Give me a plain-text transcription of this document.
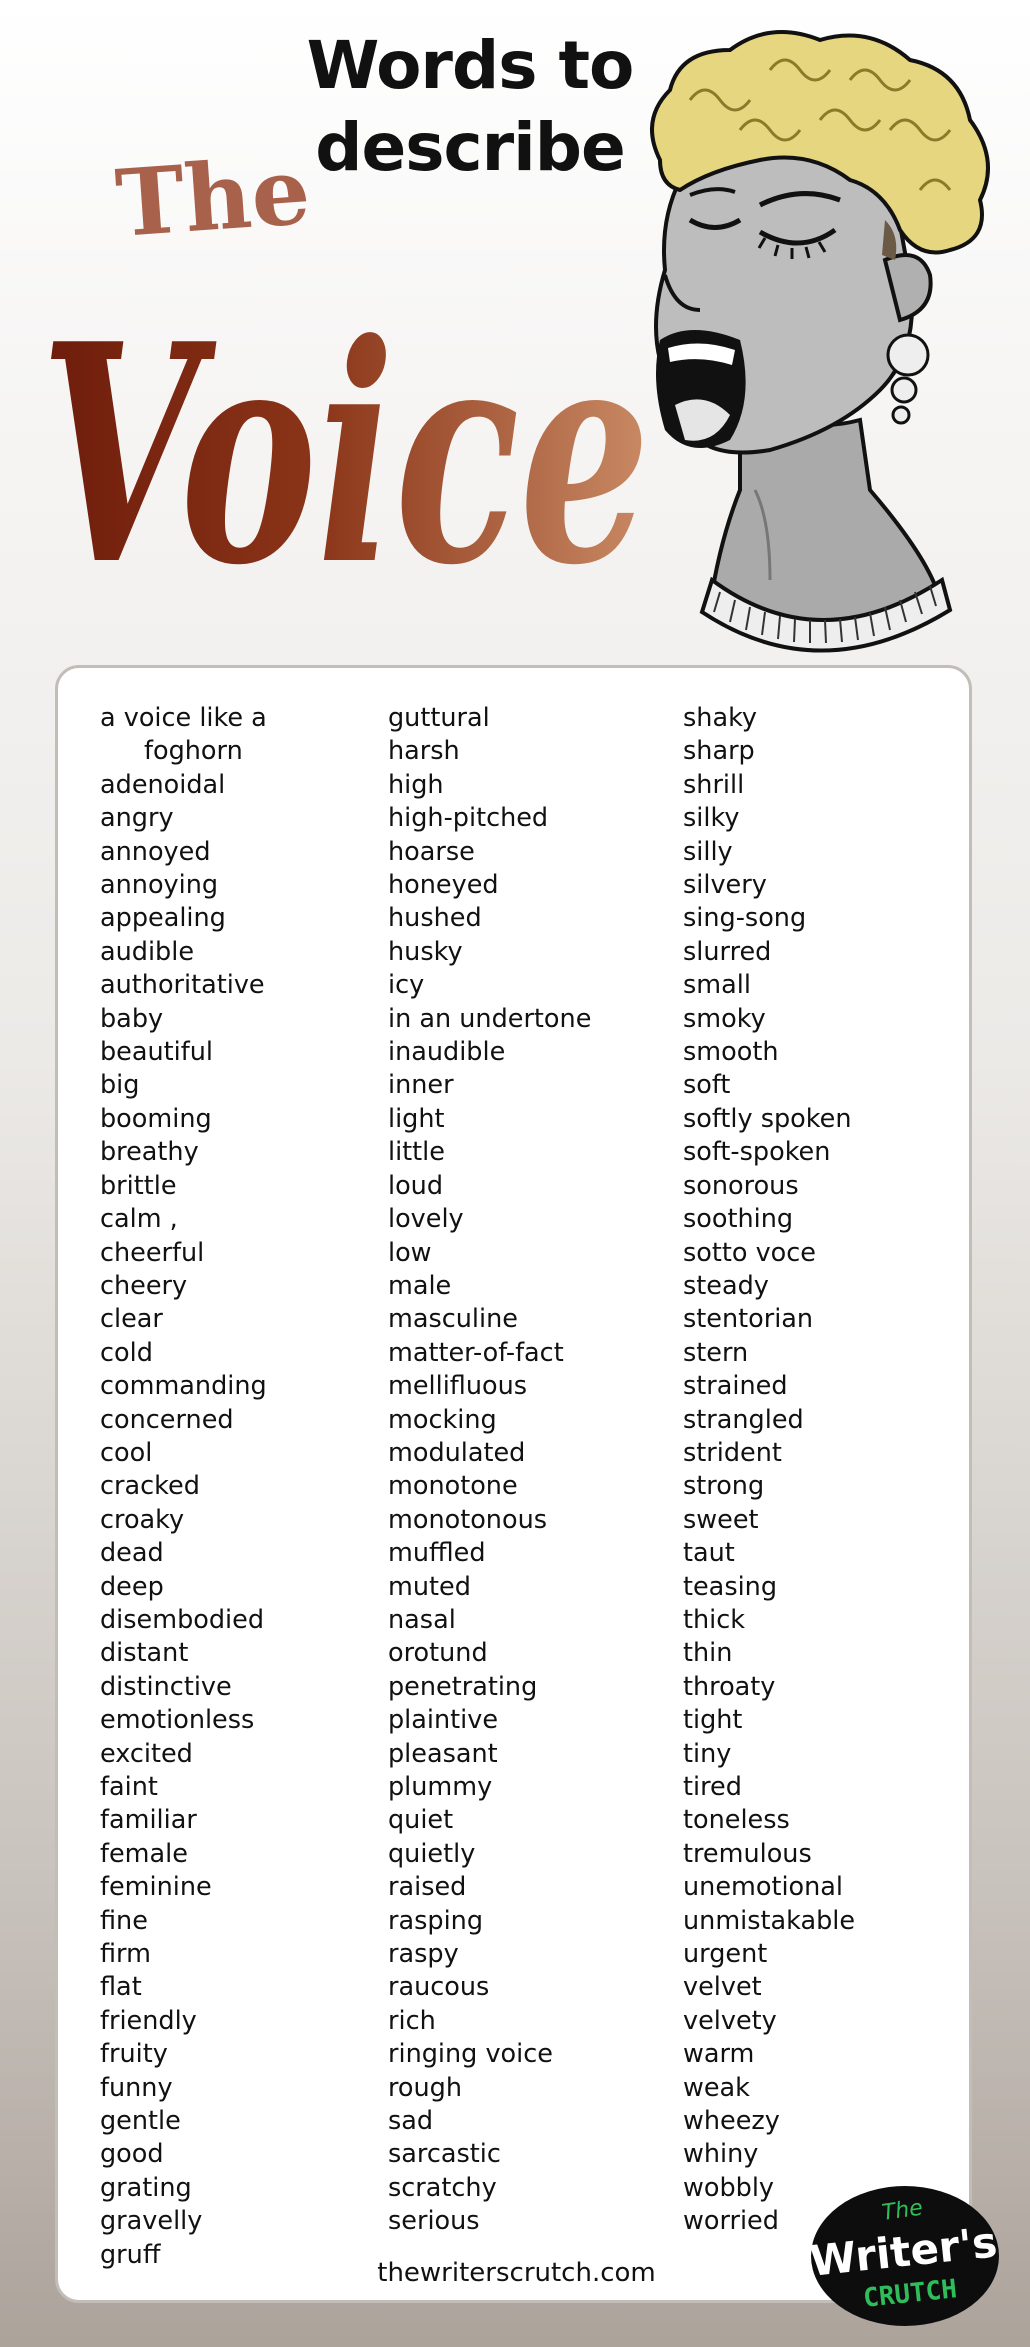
Words to
describe
The
Voice
a voice like a
foghorn
adenoidal
angry
annoyed
annoying
appealing
audible
authoritative
baby
beautiful
big
booming
breathy
brittle
calm ,
cheerful
cheery
clear
cold
commanding
concerned
cool
cracked
croaky
dead
deep
disembodied
distant
distinctive
emotionless
excited
faint
familiar
female
feminine
fine
firm
flat
friendly
fruity
funny
gentle
good
grating
gravelly
gruff
guttural
harsh
high
high-pitched
hoarse
honeyed
hushed
husky
icy
in an undertone
inaudible
inner
light
little
loud
lovely
low
male
masculine
matter-of-fact
mellifluous
mocking
modulated
monotone
monotonous
muffled
muted
nasal
orotund
penetrating
plaintive
pleasant
plummy
quiet
quietly
raised
rasping
raspy
raucous
rich
ringing voice
rough
sad
sarcastic
scratchy
serious
shaky
sharp
shrill
silky
silly
silvery
sing-song
slurred
small
smoky
smooth
soft
softly spoken
soft-spoken
sonorous
soothing
sotto voce
steady
stentorian
stern
strained
strangled
strident
strong
sweet
taut
teasing
thick
thin
throaty
tight
tiny
tired
toneless
tremulous
unemotional
unmistakable
urgent
velvet
velvety
warm
weak
wheezy
whiny
wobbly
worried
thewriterscrutch.com
The
Writer's
CRUTCH
